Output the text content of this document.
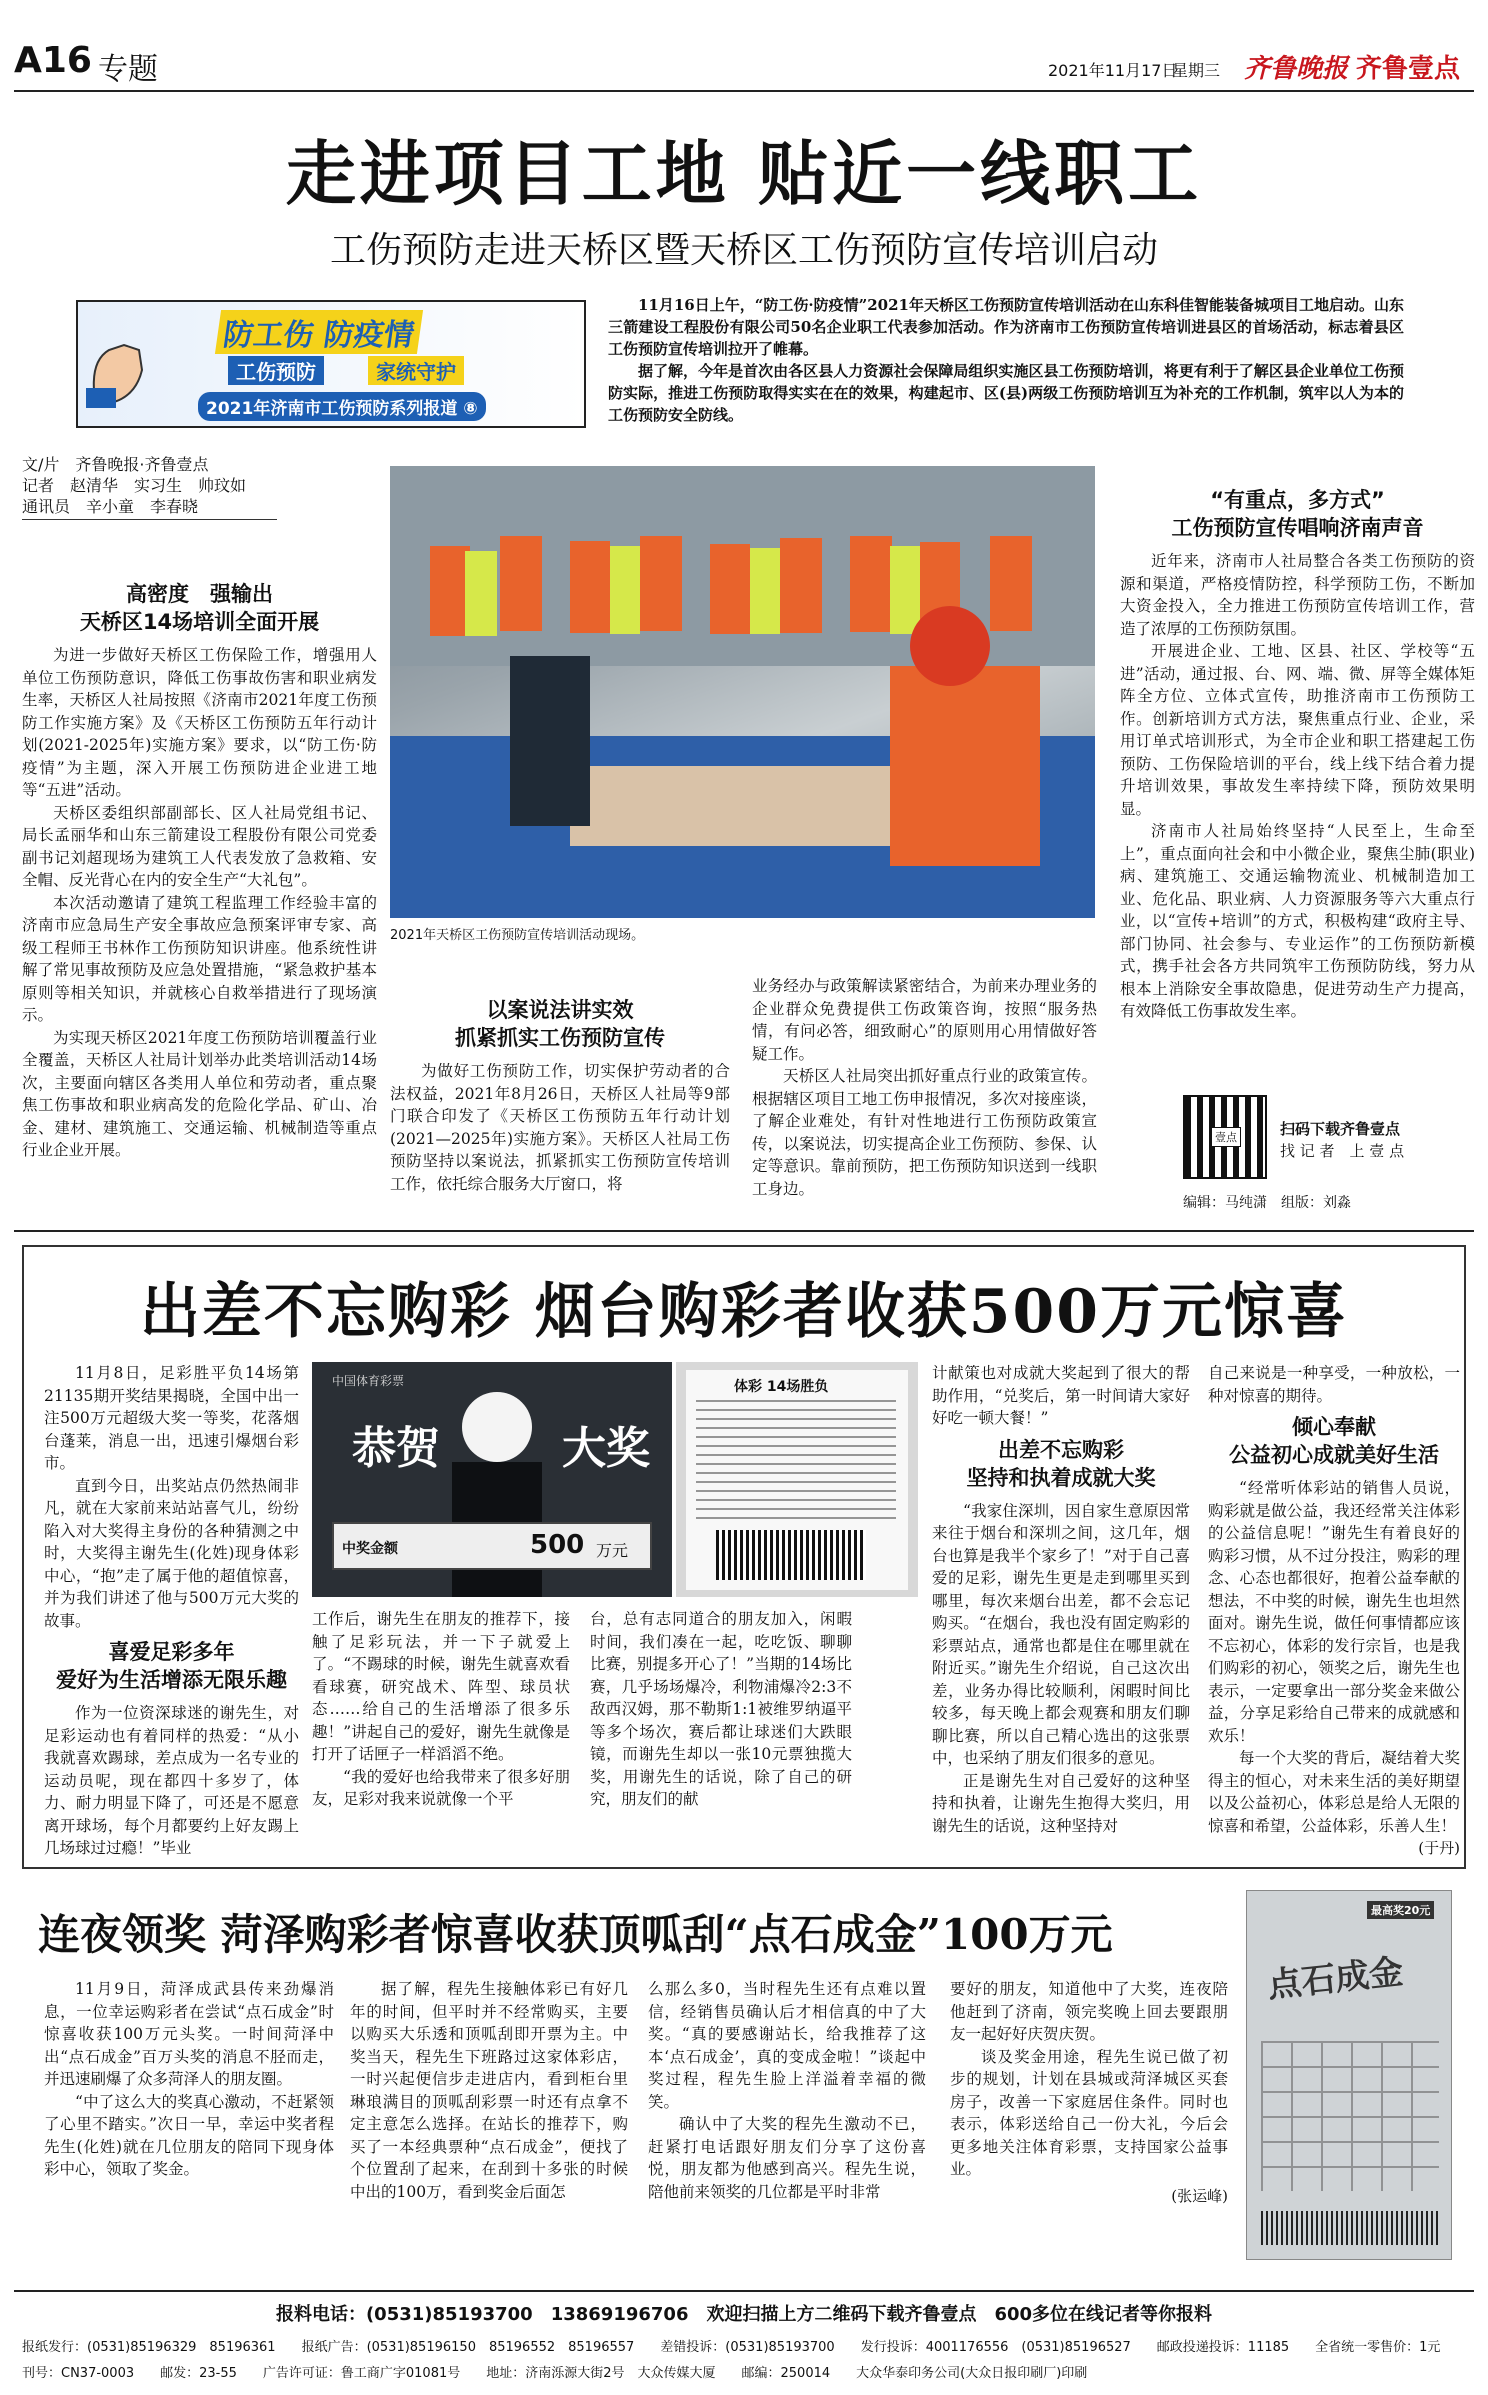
A16 专题	2021年11月17日
星期三 齐鲁晚报 齐鲁壹点
走进项目工地 贴近一线职工
工伤预防走进天桥区暨天桥区工伤预防宣传培训启动
防工伤 防疫情
工伤预防	家统守护
2021年济南市工伤预防系列报道 ⑧

11月16日上午，“防工伤·防疫情”2021年天桥区工伤预防宣传培训活动在山东科佳智能装备城项目工地启动。山东三箭建设工程股份有限公司50名企业职工代表参加活动。作为济南市工伤预防宣传培训进县区的首场活动，标志着县区工伤预防宣传培训拉开了帷幕。

据了解，今年是首次由各区县人力资源社会保障局组织实施区县工伤预防培训，将更有利于了解区县企业单位工伤预防实际，推进工伤预防取得实实在在的效果，构建起市、区(县)两级工伤预防培训互为补充的工作机制，筑牢以人为本的工伤预防安全防线。

文/片　齐鲁晚报·齐鲁壹点
记者　赵清华　实习生　帅玟如
通讯员　辛小童　李春晓
高密度　强输出
天桥区14场培训全面开展

为进一步做好天桥区工伤保险工作，增强用人单位工伤预防意识，降低工伤事故伤害和职业病发生率，天桥区人社局按照《济南市2021年度工伤预防工作实施方案》及《天桥区工伤预防五年行动计划(2021-2025年)实施方案》要求，以“防工伤·防疫情”为主题，深入开展工伤预防进企业进工地等“五进”活动。

天桥区委组织部副部长、区人社局党组书记、局长孟丽华和山东三箭建设工程股份有限公司党委副书记刘超现场为建筑工人代表发放了急救箱、安全帽、反光背心在内的安全生产“大礼包”。

本次活动邀请了建筑工程监理工作经验丰富的济南市应急局生产安全事故应急预案评审专家、高级工程师王书林作工伤预防知识讲座。他系统性讲解了常见事故预防及应急处置措施，“紧急救护基本原则等相关知识，并就核心自救举措进行了现场演示。

为实现天桥区2021年度工伤预防培训覆盖行业全覆盖，天桥区人社局计划举办此类培训活动14场次，主要面向辖区各类用人单位和劳动者，重点聚焦工伤事故和职业病高发的危险化学品、矿山、冶金、建材、建筑施工、交通运输、机械制造等重点行业企业开展。

2021年天桥区工伤预防宣传培训活动现场。
以案说法讲实效
抓紧抓实工伤预防宣传

为做好工伤预防工作，切实保护劳动者的合法权益，2021年8月26日，天桥区人社局等9部门联合印发了《天桥区工伤预防五年行动计划(2021—2025年)实施方案》。天桥区人社局工伤预防坚持以案说法，抓紧抓实工伤预防宣传培训工作，依托综合服务大厅窗口，将

业务经办与政策解读紧密结合，为前来办理业务的企业群众免费提供工伤政策咨询，按照“服务热情，有问必答，细致耐心”的原则用心用情做好答疑工作。

天桥区人社局突出抓好重点行业的政策宣传。根据辖区项目工地工伤申报情况，多次对接座谈，了解企业难处，有针对性地进行工伤预防政策宣传，以案说法，切实提高企业工伤预防、参保、认定等意识。靠前预防，把工伤预防知识送到一线职工身边。

“有重点，多方式”
工伤预防宣传唱响济南声音

近年来，济南市人社局整合各类工伤预防的资源和渠道，严格疫情防控，科学预防工伤，不断加大资金投入，全力推进工伤预防宣传培训工作，营造了浓厚的工伤预防氛围。

开展进企业、工地、区县、社区、学校等“五进”活动，通过报、台、网、端、微、屏等全媒体矩阵全方位、立体式宣传，助推济南市工伤预防工作。创新培训方式方法，聚焦重点行业、企业，采用订单式培训形式，为全市企业和职工搭建起工伤预防、工伤保险培训的平台，线上线下结合着力提升培训效果，事故发生率持续下降，预防效果明显。

济南市人社局始终坚持“人民至上，生命至上”，重点面向社会和中小微企业，聚焦尘肺(职业)病、建筑施工、交通运输物流业、机械制造加工业、危化品、职业病、人力资源服务等六大重点行业，以“宣传+培训”的方式，积极构建“政府主导、部门协同、社会参与、专业运作”的工伤预防新模式，携手社会各方共同筑牢工伤预防防线，努力从根本上消除安全事故隐患，促进劳动生产力提高，有效降低工伤事故发生率。

壹点	扫码下载齐鲁壹点
找 记 者　上 壹 点
编辑：马纯潇　组版：刘淼
出差不忘购彩 烟台购彩者收获500万元惊喜

11月8日，足彩胜平负14场第21135期开奖结果揭晓，全国中出一注500万元超级大奖一等奖，花落烟台蓬莱，消息一出，迅速引爆烟台彩市。

直到今日，出奖站点仍然热闹非凡，就在大家前来站站喜气儿，纷纷陷入对大奖得主身份的各种猜测之中时，大奖得主谢先生(化姓)现身体彩中心，“抱”走了属于他的超值惊喜，并为我们讲述了他与500万元大奖的故事。

喜爱足彩多年
爱好为生活增添无限乐趣

作为一位资深球迷的谢先生，对足彩运动也有着同样的热爱：“从小我就喜欢踢球，差点成为一名专业的运动员呢，现在都四十多岁了，体力、耐力明显下降了，可还是不愿意离开球场，每个月都要约上好友踢上几场球过过瘾！”毕业

中国体育彩票
恭贺	大奖
中奖金额	500 万元
体彩 14场胜负

工作后，谢先生在朋友的推荐下，接触了足彩玩法，并一下子就爱上了。“不踢球的时候，谢先生就喜欢看看球赛，研究战术、阵型、球员状态……给自己的生活增添了很多乐趣！”讲起自己的爱好，谢先生就像是打开了话匣子一样滔滔不绝。

“我的爱好也给我带来了很多好朋友，足彩对我来说就像一个平

台，总有志同道合的朋友加入，闲暇时间，我们凑在一起，吃吃饭、聊聊比赛，别提多开心了！”当期的14场比赛，几乎场场爆冷，利物浦爆冷2:3不敌西汉姆，那不勒斯1:1被维罗纳逼平等多个场次，赛后都让球迷们大跌眼镜，而谢先生却以一张10元票独揽大奖，用谢先生的话说，除了自己的研究，朋友们的献

计献策也对成就大奖起到了很大的帮助作用，“兑奖后，第一时间请大家好好吃一顿大餐！”

出差不忘购彩
坚持和执着成就大奖

“我家住深圳，因自家生意原因常来往于烟台和深圳之间，这几年，烟台也算是我半个家乡了！”对于自己喜爱的足彩，谢先生更是走到哪里买到哪里，每次来烟台出差，都不会忘记购买。“在烟台，我也没有固定购彩的彩票站点，通常也都是住在哪里就在附近买。”谢先生介绍说，自己这次出差，业务办得比较顺利，闲暇时间比较多，每天晚上都会观赛和朋友们聊聊比赛，所以自己精心选出的这张票中，也采纳了朋友们很多的意见。

正是谢先生对自己爱好的这种坚持和执着，让谢先生抱得大奖归，用谢先生的话说，这种坚持对

自己来说是一种享受，一种放松，一种对惊喜的期待。

倾心奉献
公益初心成就美好生活

“经常听体彩站的销售人员说，购彩就是做公益，我还经常关注体彩的公益信息呢！”谢先生有着良好的购彩习惯，从不过分投注，购彩的理念、心态也都很好，抱着公益奉献的想法，不中奖的时候，谢先生也坦然面对。谢先生说，做任何事情都应该不忘初心，体彩的发行宗旨，也是我们购彩的初心，领奖之后，谢先生也表示，一定要拿出一部分奖金来做公益，分享足彩给自己带来的成就感和欢乐！

每一个大奖的背后，凝结着大奖得主的恒心，对未来生活的美好期望以及公益初心，体彩总是给人无限的惊喜和希望，公益体彩，乐善人生！

(于丹)
连夜领奖 菏泽购彩者惊喜收获顶呱刮“点石成金”100万元

11月9日，菏泽成武县传来劲爆消息，一位幸运购彩者在尝试“点石成金”时惊喜收获100万元头奖。一时间菏泽中出“点石成金”百万头奖的消息不胫而走，并迅速刷爆了众多菏泽人的朋友圈。

“中了这么大的奖真心激动，不赶紧领了心里不踏实。”次日一早，幸运中奖者程先生(化姓)就在几位朋友的陪同下现身体彩中心，领取了奖金。

据了解，程先生接触体彩已有好几年的时间，但平时并不经常购买，主要以购买大乐透和顶呱刮即开票为主。中奖当天，程先生下班路过这家体彩店，一时兴起便信步走进店内，看到柜台里琳琅满目的顶呱刮彩票一时还有点拿不定主意怎么选择。在站长的推荐下，购买了一本经典票种“点石成金”，便找了个位置刮了起来，在刮到十多张的时候中出的100万，看到奖金后面怎

么那么多0，当时程先生还有点难以置信，经销售员确认后才相信真的中了大奖。“真的要感谢站长，给我推荐了这本‘点石成金’，真的变成金啦！”谈起中奖过程，程先生脸上洋溢着幸福的微笑。

确认中了大奖的程先生激动不已，赶紧打电话跟好朋友们分享了这份喜悦，朋友都为他感到高兴。程先生说，陪他前来领奖的几位都是平时非常

要好的朋友，知道他中了大奖，连夜陪他赶到了济南，领完奖晚上回去要跟朋友一起好好庆贺庆贺。

谈及奖金用途，程先生说已做了初步的规划，计划在县城或菏泽城区买套房子，改善一下家庭居住条件。同时也表示，体彩送给自己一份大礼，今后会更多地关注体育彩票，支持国家公益事业。

(张运峰)
最高奖20元
点石成金
报料电话：(0531)85193700　13869196706　欢迎扫描上方二维码下载齐鲁壹点　600多位在线记者等你报料
报纸发行：(0531)85196329　85196361　　报纸广告：(0531)85196150　85196552　85196557　　差错投诉：(0531)85193700　　发行投诉：4001176556　(0531)85196527　　邮政投递投诉：11185　　全省统一零售价：1元
刊号：CN37-0003　　邮发：23-55　　广告许可证：鲁工商广字01081号　　地址：济南泺源大街2号　大众传媒大厦　　邮编：250014　　大众华泰印务公司(大众日报印刷厂)印刷
